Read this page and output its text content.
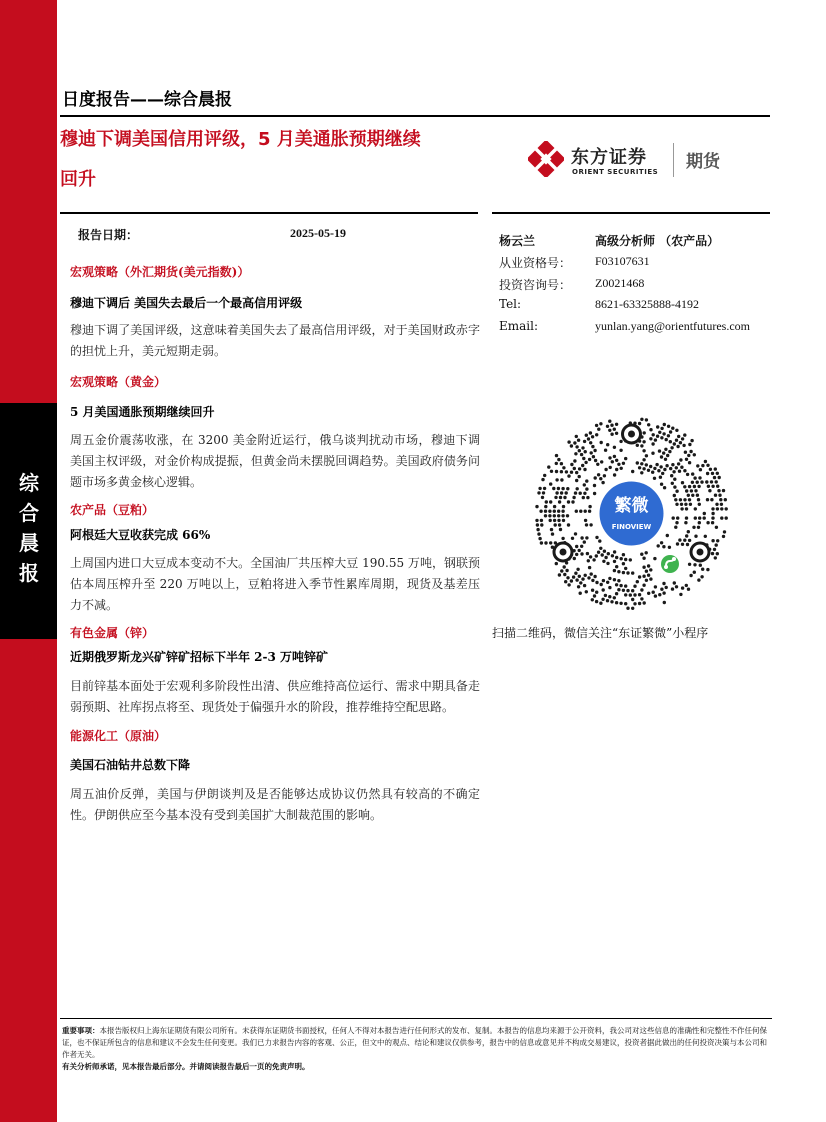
综
合
晨
报
日度报告——综合晨报
穆迪下调美国信用评级，5 月美通胀预期继续
回升
东方证券
ORIENT SECURITIES 期货
报告日期：	2025-05-19
杨云兰	高级分析师 （农产品）
从业资格号： F03107631
投资咨询号： Z0021468
Tel:	8621-63325888-4192
Email:	yunlan.yang@orientfutures.com
宏观策略（外汇期货(美元指数)）
穆迪下调后 美国失去最后一个最高信用评级
穆迪下调了美国评级，这意味着美国失去了最高信用评级，对于美国财政赤字的担忧上升，美元短期走弱。
宏观策略（黄金）
5 月美国通胀预期继续回升
周五金价震荡收涨，在 3200 美金附近运行，俄乌谈判扰动市场，穆迪下调美国主权评级，对金价构成提振，但黄金尚未摆脱回调趋势。美国政府债务问题市场多黄金核心逻辑。
农产品（豆粕）
阿根廷大豆收获完成 66%
上周国内进口大豆成本变动不大。全国油厂共压榨大豆 190.55 万吨，钢联预估本周压榨升至 220 万吨以上，豆粕将进入季节性累库周期，现货及基差压力不减。
有色金属（锌）
近期俄罗斯龙兴矿锌矿招标下半年 2-3 万吨锌矿
目前锌基本面处于宏观利多阶段性出清、供应维持高位运行、需求中期具备走弱预期、社库拐点将至、现货处于偏强升水的阶段，推荐维持空配思路。
能源化工（原油）
美国石油钻井总数下降
周五油价反弹，美国与伊朗谈判及是否能够达成协议仍然具有较高的不确定性。伊朗供应至今基本没有受到美国扩大制裁范围的影响。
繁微
FINOVIEW
扫描二维码，微信关注“东证繁微”小程序
重要事项：本报告版权归上海东证期货有限公司所有。未获得东证期货书面授权，任何人不得对本报告进行任何形式的发布、复制。本报告的信息均来源于公开资料，我公司对这些信息的准确性和完整性不作任何保证，也不保证所包含的信息和建议不会发生任何变更。我们已力求报告内容的客观、公正，但文中的观点、结论和建议仅供参考，报告中的信息或意见并不构成交易建议，投资者据此做出的任何投资决策与本公司和作者无关。
有关分析师承诺，见本报告最后部分。并请阅读报告最后一页的免责声明。
